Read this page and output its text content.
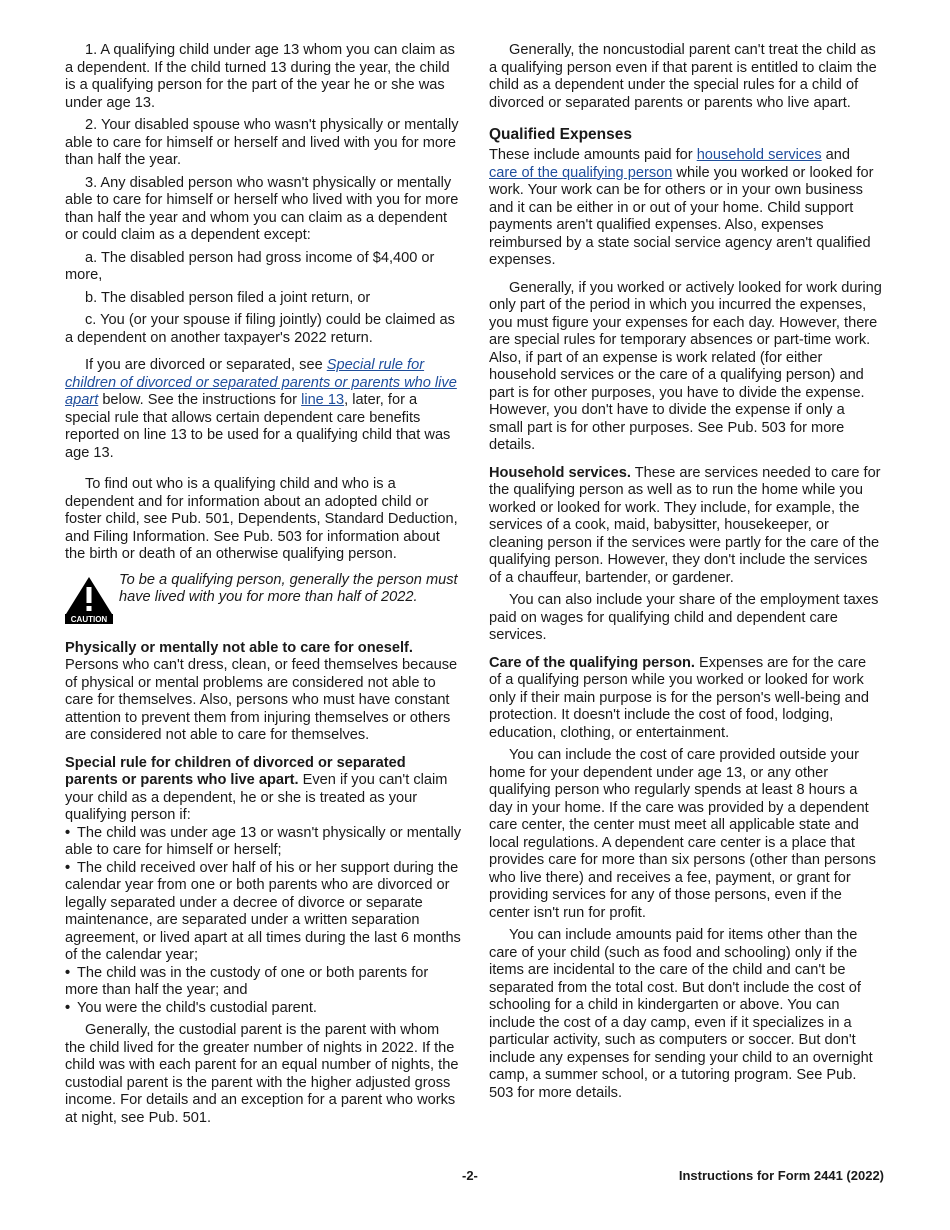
1. A qualifying child under age 13 whom you can claim as a dependent. If the child turned 13 during the year, the child is a qualifying person for the part of the year he or she was under age 13.

2. Your disabled spouse who wasn't physically or mentally able to care for himself or herself and lived with you for more than half the year.

3. Any disabled person who wasn't physically or mentally able to care for himself or herself who lived with you for more than half the year and whom you can claim as a dependent or could claim as a dependent except:

a. The disabled person had gross income of $4,400 or more,

b. The disabled person filed a joint return, or

c. You (or your spouse if filing jointly) could be claimed as a dependent on another taxpayer's 2022 return.

If you are divorced or separated, see Special rule for children of divorced or separated parents or parents who live apart below. See the instructions for line 13, later, for a special rule that allows certain dependent care benefits reported on line 13 to be used for a qualifying child that was age 13.

To find out who is a qualifying child and who is a dependent and for information about an adopted child or foster child, see Pub. 501, Dependents, Standard Deduction, and Filing Information. See Pub. 503 for information about the birth or death of an otherwise qualifying person.

CAUTION
To be a qualifying person, generally the person must have lived with you for more than half of 2022.

Physically or mentally not able to care for oneself. Persons who can't dress, clean, or feed themselves because of physical or mental problems are considered not able to care for themselves. Also, persons who must have constant attention to prevent them from injuring themselves or others are considered not able to care for themselves.

Special rule for children of divorced or separated parents or parents who live apart. Even if you can't claim your child as a dependent, he or she is treated as your qualifying person if:

• The child was under age 13 or wasn't physically or mentally able to care for himself or herself;

• The child received over half of his or her support during the calendar year from one or both parents who are divorced or legally separated under a decree of divorce or separate maintenance, are separated under a written separation agreement, or lived apart at all times during the last 6 months of the calendar year;

• The child was in the custody of one or both parents for more than half the year; and

• You were the child's custodial parent.

Generally, the custodial parent is the parent with whom the child lived for the greater number of nights in 2022. If the child was with each parent for an equal number of nights, the custodial parent is the parent with the higher adjusted gross income. For details and an exception for a parent who works at night, see Pub. 501.

Generally, the noncustodial parent can't treat the child as a qualifying person even if that parent is entitled to claim the child as a dependent under the special rules for a child of divorced or separated parents or parents who live apart.

Qualified Expenses

These include amounts paid for household services and care of the qualifying person while you worked or looked for work. Your work can be for others or in your own business and it can be either in or out of your home. Child support payments aren't qualified expenses. Also, expenses reimbursed by a state social service agency aren't qualified expenses.

Generally, if you worked or actively looked for work during only part of the period in which you incurred the expenses, you must figure your expenses for each day. However, there are special rules for temporary absences or part-time work. Also, if part of an expense is work related (for either household services or the care of a qualifying person) and part is for other purposes, you have to divide the expense. However, you don't have to divide the expense if only a small part is for other purposes. See Pub. 503 for more details.

Household services. These are services needed to care for the qualifying person as well as to run the home while you worked or looked for work. They include, for example, the services of a cook, maid, babysitter, housekeeper, or cleaning person if the services were partly for the care of the qualifying person. However, they don't include the services of a chauffeur, bartender, or gardener.

You can also include your share of the employment taxes paid on wages for qualifying child and dependent care services.

Care of the qualifying person. Expenses are for the care of a qualifying person while you worked or looked for work only if their main purpose is for the person's well-being and protection. It doesn't include the cost of food, lodging, education, clothing, or entertainment.

You can include the cost of care provided outside your home for your dependent under age 13, or any other qualifying person who regularly spends at least 8 hours a day in your home. If the care was provided by a dependent care center, the center must meet all applicable state and local regulations. A dependent care center is a place that provides care for more than six persons (other than persons who live there) and receives a fee, payment, or grant for providing services for any of those persons, even if the center isn't run for profit.

You can include amounts paid for items other than the care of your child (such as food and schooling) only if the items are incidental to the care of the child and can't be separated from the total cost. But don't include the cost of schooling for a child in kindergarten or above. You can include the cost of a day camp, even if it specializes in a particular activity, such as computers or soccer. But don't include any expenses for sending your child to an overnight camp, a summer school, or a tutoring program. See Pub. 503 for more details.

-2-	Instructions for Form 2441 (2022)
